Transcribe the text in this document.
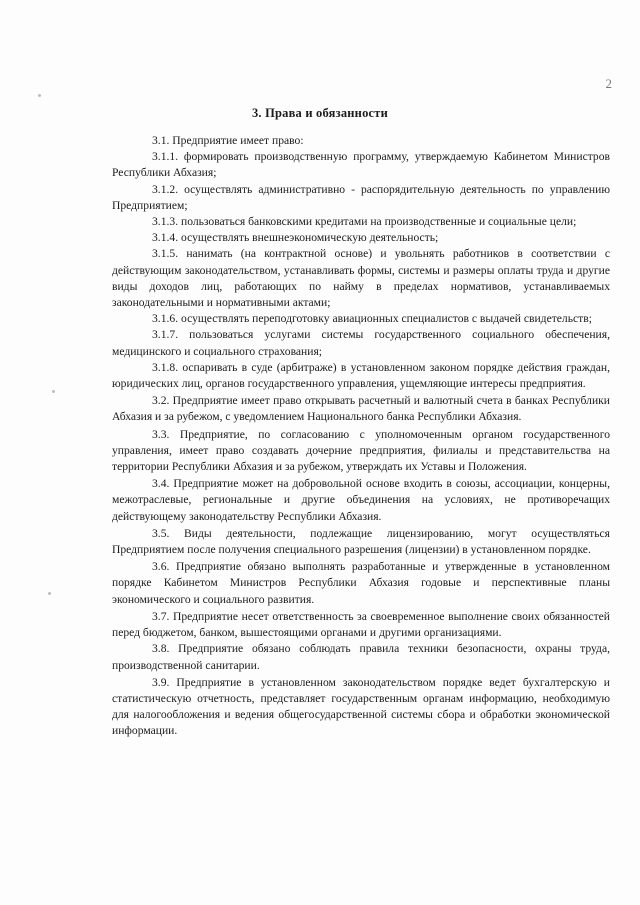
2
3. Права и обязанности

3.1. Предприятие имеет право:

3.1.1. формировать производственную программу, утверждаемую Кабинетом Министров Республики Абхазия;

3.1.2. осуществлять административно - распорядительную деятельность по управлению Предприятием;

3.1.3. пользоваться банковскими кредитами на производственные и социальные цели;

3.1.4. осуществлять внешнеэкономическую деятельность;

3.1.5. нанимать (на контрактной основе) и увольнять работников в соответствии с действующим законодательством, устанавливать формы, системы и размеры оплаты труда и другие виды доходов лиц, работающих по найму в пределах нормативов, устанавливаемых законодательными и нормативными актами;

3.1.6. осуществлять переподготовку авиационных специалистов с выдачей свидетельств;

3.1.7. пользоваться услугами системы государственного социального обеспечения, медицинского и социального страхования;

3.1.8. оспаривать в суде (арбитраже) в установленном законом порядке действия граждан, юридических лиц, органов государственного управления, ущемляющие интересы предприятия.

3.2. Предприятие имеет право открывать расчетный и валютный счета в банках Республики Абхазия и за рубежом, с уведомлением Национального банка Республики Абхазия.

3.3. Предприятие, по согласованию с уполномоченным органом государственного управления, имеет право создавать дочерние предприятия, филиалы и представительства на территории Республики Абхазия и за рубежом, утверждать их Уставы и Положения.

3.4. Предприятие может на добровольной основе входить в союзы, ассоциации, концерны, межотраслевые, региональные и другие объединения на условиях, не противоречащих действующему законодательству Республики Абхазия.

3.5. Виды деятельности, подлежащие лицензированию, могут осуществляться Предприятием после получения специального разрешения (лицензии) в установленном порядке.

3.6. Предприятие обязано выполнять разработанные и утвержденные в установленном порядке Кабинетом Министров Республики Абхазия годовые и перспективные планы экономического и социального развития.

3.7. Предприятие несет ответственность за своевременное выполнение своих обязанностей перед бюджетом, банком, вышестоящими органами и другими организациями.

3.8. Предприятие обязано соблюдать правила техники безопасности, охраны труда, производственной санитарии.

3.9. Предприятие в установленном законодательством порядке ведет бухгалтерскую и статистическую отчетность, представляет государственным органам информацию, необходимую для налогообложения и ведения общегосударственной системы сбора и обработки экономической информации.
